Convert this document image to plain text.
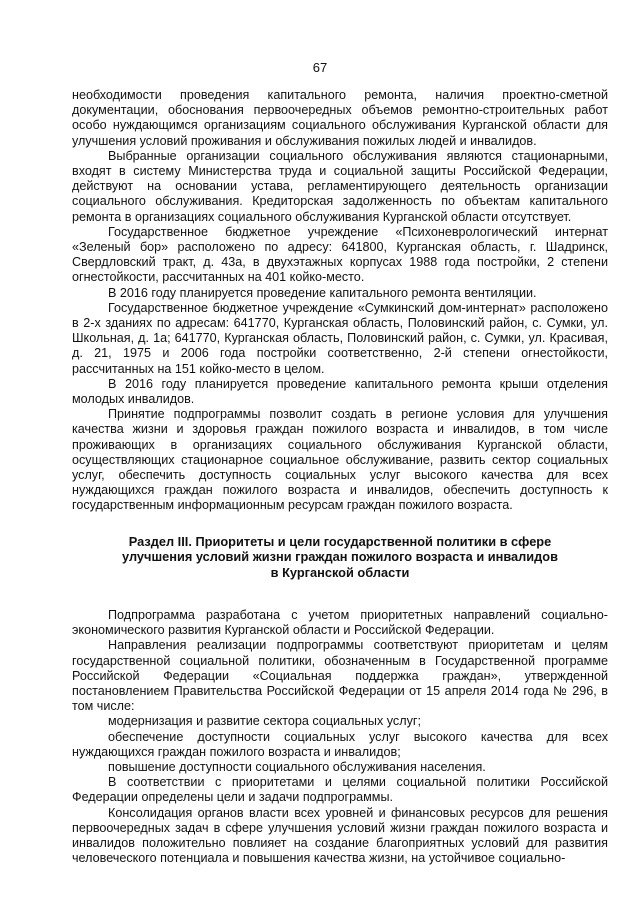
67

необходимости проведения капитального ремонта, наличия проектно-сметной документации, обоснования первоочередных объемов ремонтно-строительных работ особо нуждающимся организациям социального обслуживания Курганской области для улучшения условий проживания и обслуживания пожилых людей и инвалидов.

Выбранные организации социального обслуживания являются стационарными, входят в систему Министерства труда и социальной защиты Российской Федерации, действуют на основании устава, регламентирующего деятельность организации социального обслуживания. Кредиторская задолженность по объектам капитального ремонта в организациях социального обслуживания Курганской области отсутствует.

Государственное бюджетное учреждение «Психоневрологический интернат «Зеленый бор» расположено по адресу: 641800, Курганская область, г. Шадринск, Свердловский тракт, д. 43а, в двухэтажных корпусах 1988 года постройки, 2 степени огнестойкости, рассчитанных на 401 койко-место.

В 2016 году планируется проведение капитального ремонта вентиляции.

Государственное бюджетное учреждение «Сумкинский дом-интернат» расположено в 2-х зданиях по адресам: 641770, Курганская область, Половинский район, с. Сумки, ул. Школьная, д. 1а; 641770, Курганская область, Половинский район, с. Сумки, ул. Красивая, д. 21, 1975 и 2006 года постройки соответственно, 2-й степени огнестойкости, рассчитанных на 151 койко-место в целом.

В 2016 году планируется проведение капитального ремонта крыши отделения молодых инвалидов.

Принятие подпрограммы позволит создать в регионе условия для улучшения качества жизни и здоровья граждан пожилого возраста и инвалидов, в том числе проживающих в организациях социального обслуживания Курганской области, осуществляющих стационарное социальное обслуживание, развить сектор социальных услуг, обеспечить доступность социальных услуг высокого качества для всех нуждающихся граждан пожилого возраста и инвалидов, обеспечить доступность к государственным информационным ресурсам граждан пожилого возраста.

Раздел III. Приоритеты и цели государственной политики в сфере
улучшения условий жизни граждан пожилого возраста и инвалидов
в Курганской области

Подпрограмма разработана с учетом приоритетных направлений социально-экономического развития Курганской области и Российской Федерации.

Направления реализации подпрограммы соответствуют приоритетам и целям государственной социальной политики, обозначенным в Государственной программе Российской Федерации «Социальная поддержка граждан», утвержденной постановлением Правительства Российской Федерации от 15 апреля 2014 года № 296, в том числе:

модернизация и развитие сектора социальных услуг;

обеспечение доступности социальных услуг высокого качества для всех нуждающихся граждан пожилого возраста и инвалидов;

повышение доступности социального обслуживания населения.

В соответствии с приоритетами и целями социальной политики Российской Федерации определены цели и задачи подпрограммы.

Консолидация органов власти всех уровней и финансовых ресурсов для решения первоочередных задач в сфере улучшения условий жизни граждан пожилого возраста и инвалидов положительно повлияет на создание благоприятных условий для развития человеческого потенциала и повышения качества жизни, на устойчивое социально-
